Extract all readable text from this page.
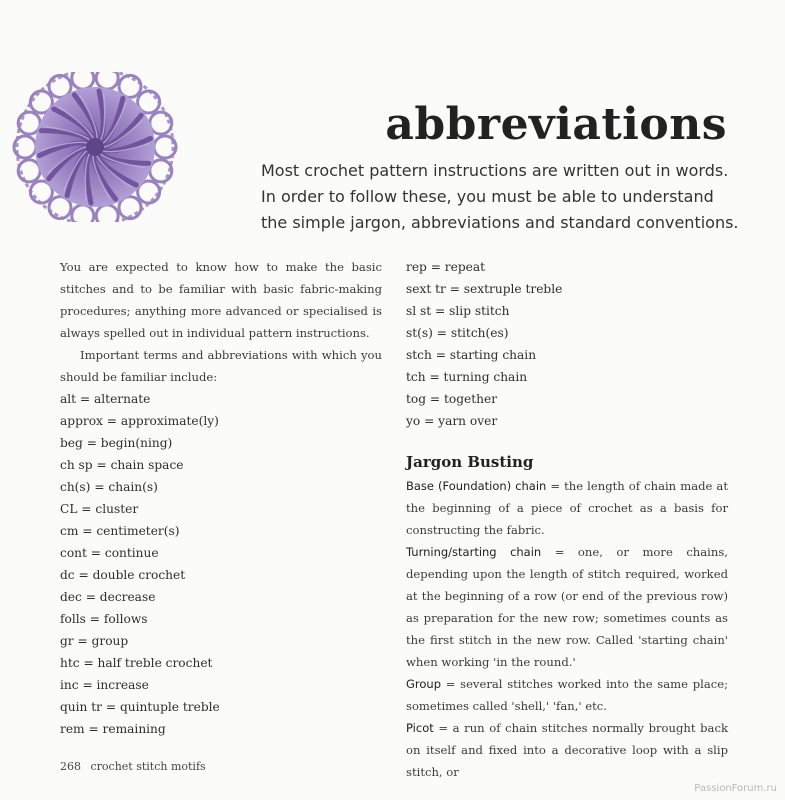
abbreviations

Most crochet pattern instructions are written out in words. In order to follow these, you must be able to understand the simple jargon, abbreviations and standard conventions.

You are expected to know how to make the basic stitches and to be familiar with basic fabric-making procedures; anything more advanced or specialised is always spelled out in individual pattern instructions.

Important terms and abbreviations with which you should be familiar include:

alt = alternate
approx = approximate(ly)
beg = begin(ning)
ch sp = chain space
ch(s) = chain(s)
CL = cluster
cm = centimeter(s)
cont = continue
dc = double crochet
dec = decrease
folls = follows
gr = group
htc = half treble crochet
inc = increase
quin tr = quintuple treble
rem = remaining
rep = repeat
sext tr = sextruple treble
sl st = slip stitch
st(s) = stitch(es)
stch = starting chain
tch = turning chain
tog = together
yo = yarn over
Jargon Busting

Base (Foundation) chain = the length of chain made at the beginning of a piece of crochet as a basis for constructing the fabric.

Turning/starting chain = one, or more chains, depending upon the length of stitch required, worked at the beginning of a row (or end of the previous row) as preparation for the new row; sometimes counts as the first stitch in the new row. Called 'starting chain' when working 'in the round.'

Group = several stitches worked into the same place; sometimes called 'shell,' 'fan,' etc.

Picot = a run of chain stitches normally brought back on itself and fixed into a decorative loop with a slip stitch, or

268 crochet stitch motifs
PassionForum.ru
